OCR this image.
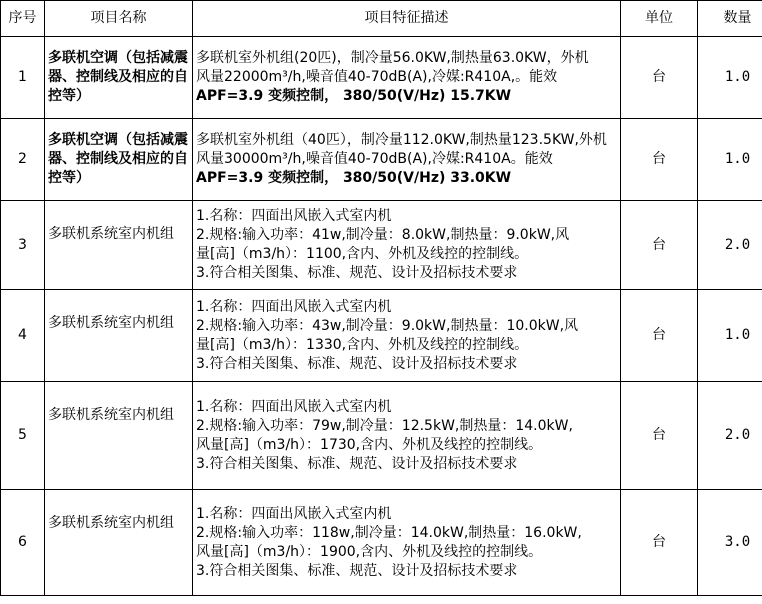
序号	项目名称	项目特征描述	单位	数量
1	多联机空调（包括减震器、控制线及相应的自控等）	多联机室外机组(20匹)，制冷量56.0KW,制热量63.0KW，外机
风量22000m³/h,噪音值40-70dB(A),冷媒:R410A,。能效
APF=3.9 变频控制， 380/50(V/Hz) 15.7KW	台	1.0
2	多联机空调（包括减震器、控制线及相应的自控等）	多联机室外机组（40匹），制冷量112.0KW,制热量123.5KW,外机
风量30000m³/h,噪音值40-70dB(A),冷媒:R410A。能效
APF=3.9 变频控制， 380/50(V/Hz) 33.0KW	台	1.0
3	多联机系统室内机组	1.名称：四面出风嵌入式室内机
2.规格:输入功率：41w,制冷量：8.0kW,制热量：9.0kW,风
量[高]（m3/h）：1100,含内、外机及线控的控制线。
3.符合相关图集、标准、规范、设计及招标技术要求	台	2.0
4	多联机系统室内机组	1.名称：四面出风嵌入式室内机
2.规格:输入功率：43w,制冷量：9.0kW,制热量：10.0kW,风
量[高]（m3/h）：1330,含内、外机及线控的控制线。
3.符合相关图集、标准、规范、设计及招标技术要求	台	1.0
5	多联机系统室内机组	1.名称：四面出风嵌入式室内机
2.规格:输入功率：79w,制冷量：12.5kW,制热量：14.0kW,
风量[高]（m3/h）：1730,含内、外机及线控的控制线。
3.符合相关图集、标准、规范、设计及招标技术要求	台	2.0
6	多联机系统室内机组	1.名称：四面出风嵌入式室内机
2.规格:输入功率：118w,制冷量：14.0kW,制热量：16.0kW,
风量[高]（m3/h）：1900,含内、外机及线控的控制线。
3.符合相关图集、标准、规范、设计及招标技术要求	台	3.0
